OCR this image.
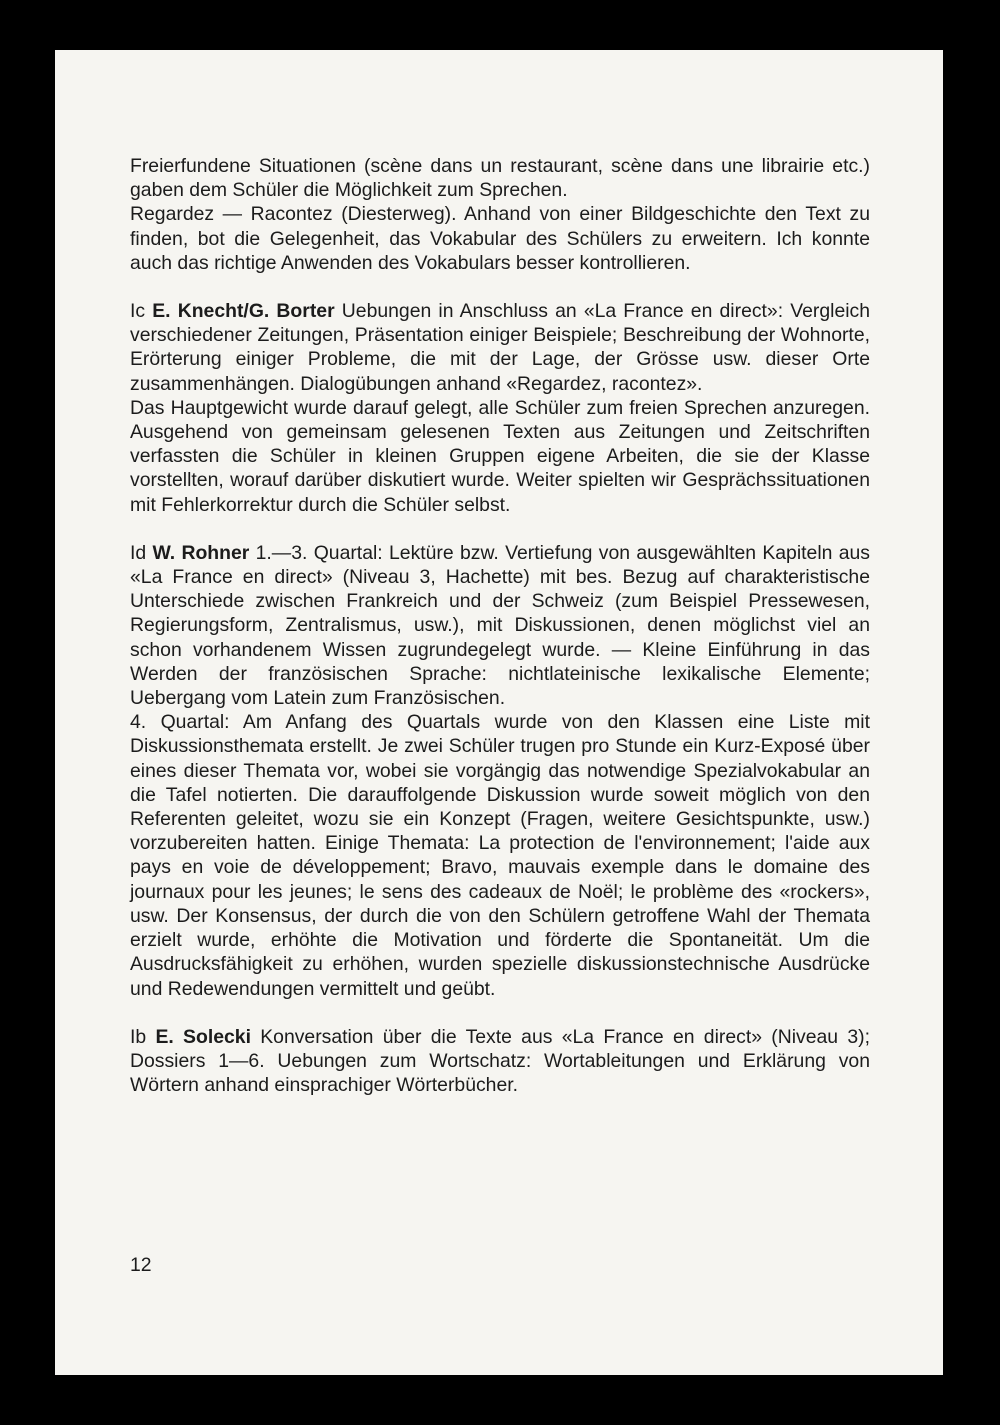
Freierfundene Situationen (scène dans un restaurant, scène dans une librairie etc.) gaben dem Schüler die Möglichkeit zum Sprechen.

Regardez — Racontez (Diesterweg). Anhand von einer Bildgeschichte den Text zu finden, bot die Gelegenheit, das Vokabular des Schülers zu erweitern. Ich konnte auch das richtige Anwenden des Vokabulars besser kontrollieren.

Ic E. Knecht/G. Borter Uebungen in Anschluss an «La France en direct»: Vergleich verschiedener Zeitungen, Präsentation einiger Beispiele; Beschreibung der Wohnorte, Erörterung einiger Probleme, die mit der Lage, der Grösse usw. dieser Orte zusammenhängen. Dialogübungen anhand «Regardez, racontez».

Das Hauptgewicht wurde darauf gelegt, alle Schüler zum freien Sprechen anzuregen. Ausgehend von gemeinsam gelesenen Texten aus Zeitungen und Zeitschriften verfassten die Schüler in kleinen Gruppen eigene Arbeiten, die sie der Klasse vorstellten, worauf darüber diskutiert wurde. Weiter spielten wir Gesprächssituationen mit Fehlerkorrektur durch die Schüler selbst.

Id W. Rohner 1.—3. Quartal: Lektüre bzw. Vertiefung von ausgewählten Kapiteln aus «La France en direct» (Niveau 3, Hachette) mit bes. Bezug auf charakteristische Unterschiede zwischen Frankreich und der Schweiz (zum Beispiel Pressewesen, Regierungsform, Zentralismus, usw.), mit Diskussionen, denen möglichst viel an schon vorhandenem Wissen zugrundegelegt wurde. — Kleine Einführung in das Werden der französischen Sprache: nichtlateinische lexikalische Elemente; Uebergang vom Latein zum Französischen.

4. Quartal: Am Anfang des Quartals wurde von den Klassen eine Liste mit Diskussionsthemata erstellt. Je zwei Schüler trugen pro Stunde ein Kurz-Exposé über eines dieser Themata vor, wobei sie vorgängig das notwendige Spezialvokabular an die Tafel notierten. Die darauffolgende Diskussion wurde soweit möglich von den Referenten geleitet, wozu sie ein Konzept (Fragen, weitere Gesichtspunkte, usw.) vorzubereiten hatten. Einige Themata: La protection de l'environnement; l'aide aux pays en voie de développement; Bravo, mauvais exemple dans le domaine des journaux pour les jeunes; le sens des cadeaux de Noël; le problème des «rockers», usw. Der Konsensus, der durch die von den Schülern getroffene Wahl der Themata erzielt wurde, erhöhte die Motivation und förderte die Spontaneität. Um die Ausdrucksfähigkeit zu erhöhen, wurden spezielle diskussionstechnische Ausdrücke und Redewendungen vermittelt und geübt.

Ib E. Solecki Konversation über die Texte aus «La France en direct» (Niveau 3); Dossiers 1—6. Uebungen zum Wortschatz: Wortableitungen und Erklärung von Wörtern anhand einsprachiger Wörterbücher.

12
